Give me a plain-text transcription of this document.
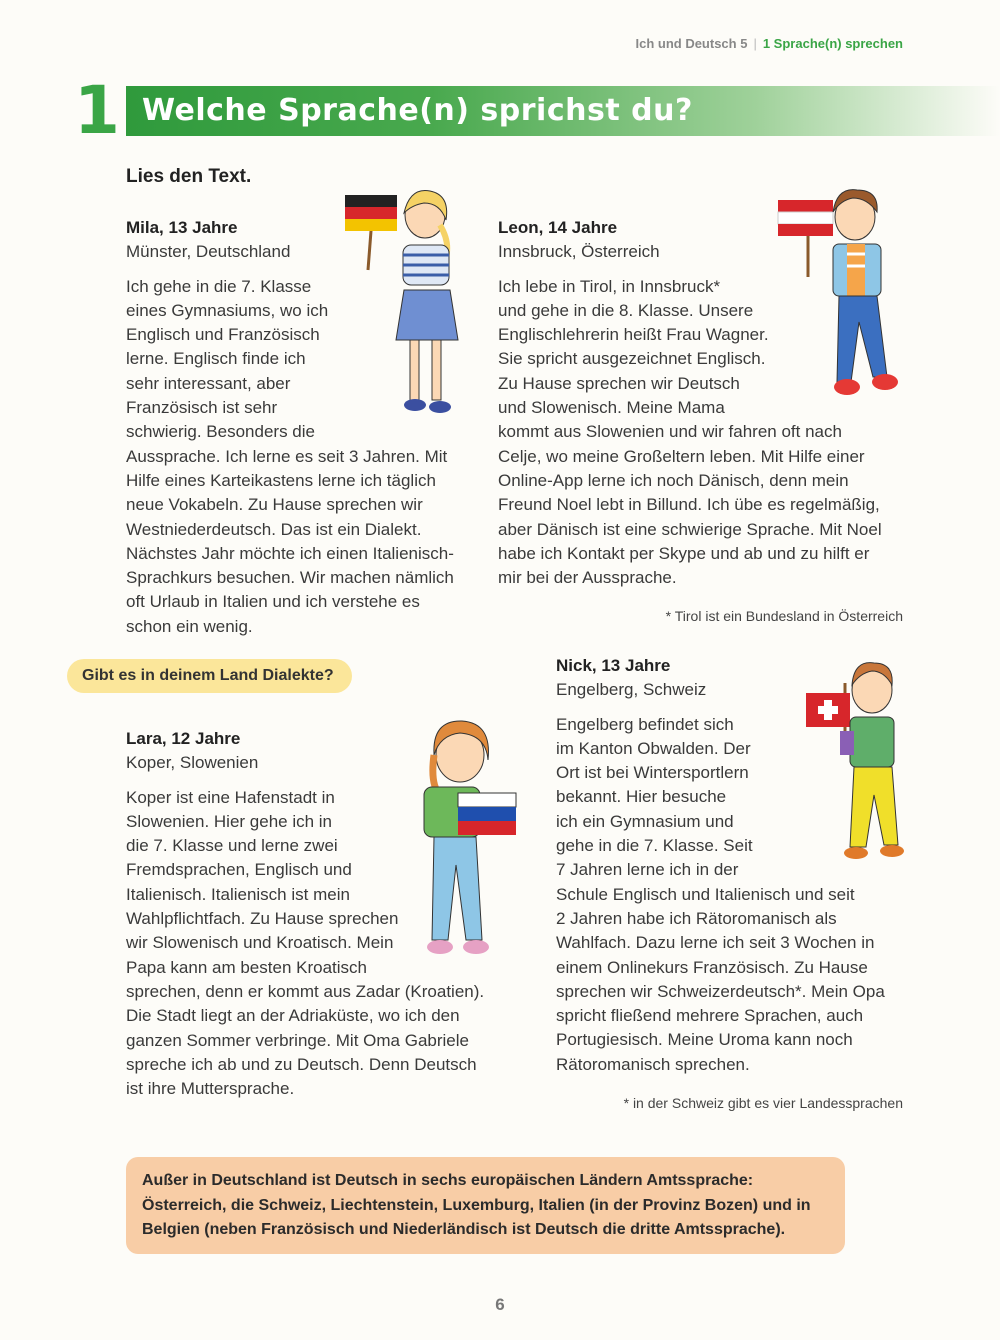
Ich und Deutsch 5 | 1 Sprache(n) sprechen
1 Welche Sprache(n) sprichst du?
Lies den Text.
Mila, 13 Jahre
Münster, Deutschland

Ich gehe in die 7. Klasse
eines Gymnasiums, wo ich
Englisch und Französisch
lerne. Englisch finde ich
sehr interessant, aber
Französisch ist sehr
schwierig. Besonders die
Aussprache. Ich lerne es seit 3 Jahren. Mit
Hilfe eines Karteikastens lerne ich täglich
neue Vokabeln. Zu Hause sprechen wir
Westniederdeutsch. Das ist ein Dialekt.
Nächstes Jahr möchte ich einen Italienisch-
Sprachkurs besuchen. Wir machen nämlich
oft Urlaub in Italien und ich verstehe es
schon ein wenig.

Leon, 14 Jahre
Innsbruck, Österreich

Ich lebe in Tirol, in Innsbruck*
und gehe in die 8. Klasse. Unsere
Englischlehrerin heißt Frau Wagner.
Sie spricht ausgezeichnet Englisch.
Zu Hause sprechen wir Deutsch
und Slowenisch. Meine Mama
kommt aus Slowenien und wir fahren oft nach
Celje, wo meine Großeltern leben. Mit Hilfe einer
Online-App lerne ich noch Dänisch, denn mein
Freund Noel lebt in Billund. Ich übe es regelmäßig,
aber Dänisch ist eine schwierige Sprache. Mit Noel
habe ich Kontakt per Skype und ab und zu hilft er
mir bei der Aussprache.

* Tirol ist ein Bundesland in Österreich
Gibt es in deinem Land Dialekte?
Lara, 12 Jahre
Koper, Slowenien

Koper ist eine Hafenstadt in
Slowenien. Hier gehe ich in
die 7. Klasse und lerne zwei
Fremdsprachen, Englisch und
Italienisch. Italienisch ist mein
Wahlpflichtfach. Zu Hause sprechen
wir Slowenisch und Kroatisch. Mein
Papa kann am besten Kroatisch
sprechen, denn er kommt aus Zadar (Kroatien).
Die Stadt liegt an der Adriaküste, wo ich den
ganzen Sommer verbringe. Mit Oma Gabriele
spreche ich ab und zu Deutsch. Denn Deutsch
ist ihre Muttersprache.

Nick, 13 Jahre
Engelberg, Schweiz

Engelberg befindet sich
im Kanton Obwalden. Der
Ort ist bei Wintersportlern
bekannt. Hier besuche
ich ein Gymnasium und
gehe in die 7. Klasse. Seit
7 Jahren lerne ich in der
Schule Englisch und Italienisch und seit
2 Jahren habe ich Rätoromanisch als
Wahlfach. Dazu lerne ich seit 3 Wochen in
einem Onlinekurs Französisch. Zu Hause
sprechen wir Schweizerdeutsch*. Mein Opa
spricht fließend mehrere Sprachen, auch
Portugiesisch. Meine Uroma kann noch
Rätoromanisch sprechen.

* in der Schweiz gibt es vier Landessprachen
Außer in Deutschland ist Deutsch in sechs europäischen Ländern Amtssprache:
Österreich, die Schweiz, Liechtenstein, Luxemburg, Italien (in der Provinz Bozen) und in
Belgien (neben Französisch und Niederländisch ist Deutsch die dritte Amtssprache).
6
